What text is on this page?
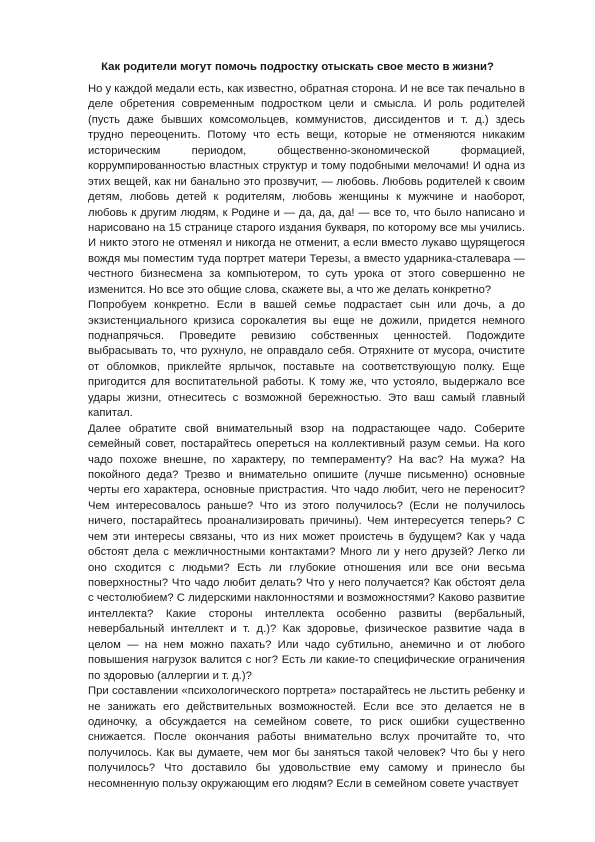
Как родители могут помочь подростку отыскать свое место в жизни?

Но у каждой медали есть, как известно, обратная сторона. И не все так печально в деле обретения современным подростком цели и смысла. И роль родителей (пусть даже бывших комсомольцев, коммунистов, диссидентов и т. д.) здесь трудно переоценить. Потому что есть вещи, которые не отменяются никаким историческим периодом, общественно-экономической формацией, коррумпированностью властных структур и тому подобными мелочами! И одна из этих вещей, как ни банально это прозвучит, — любовь. Любовь родителей к своим детям, любовь детей к родителям, любовь женщины к мужчине и наоборот, любовь к другим людям, к Родине и — да, да, да! — все то, что было написано и нарисовано на 15 странице старого издания букваря, по которому все мы учились. И никто этого не отменял и никогда не отменит, а если вместо лукаво щурящегося вождя мы поместим туда портрет матери Терезы, а вместо ударника-сталевара — честного бизнесмена за компьютером, то суть урока от этого совершенно не изменится. Но все это общие слова, скажете вы, а что же делать конкретно?

Попробуем конкретно. Если в вашей семье подрастает сын или дочь, а до экзистенциального кризиса сорокалетия вы еще не дожили, придется немного поднапрячься. Проведите ревизию собственных ценностей. Подождите выбрасывать то, что рухнуло, не оправдало себя. Отряхните от мусора, очистите от обломков, приклейте ярлычок, поставьте на соответствующую полку. Еще пригодится для воспитательной работы. К тому же, что устояло, выдержало все удары жизни, отнеситесь с возможной бережностью. Это ваш самый главный капитал.

Далее обратите свой внимательный взор на подрастающее чадо. Соберите семейный совет, постарайтесь опереться на коллективный разум семьи. На кого чадо похоже внешне, по характеру, по темпераменту? На вас? На мужа? На покойного деда? Трезво и внимательно опишите (лучше письменно) основные черты его характера, основные пристрастия. Что чадо любит, чего не переносит? Чем интересовалось раньше? Что из этого получилось? (Если не получилось ничего, постарайтесь проанализировать причины). Чем интересуется теперь? С чем эти интересы связаны, что из них может проистечь в будущем? Как у чада обстоят дела с межличностными контактами? Много ли у него друзей? Легко ли оно сходится с людьми? Есть ли глубокие отношения или все они весьма поверхностны? Что чадо любит делать? Что у него получается? Как обстоят дела с честолюбием? С лидерскими наклонностями и возможностями? Каково развитие интеллекта? Какие стороны интеллекта особенно развиты (вербальный, невербальный интеллект и т. д.)? Как здоровье, физическое развитие чада в целом — на нем можно пахать? Или чадо субтильно, анемично и от любого повышения нагрузок валится с ног? Есть ли какие-то специфические ограничения по здоровью (аллергии и т. д.)?

При составлении «психологического портрета» постарайтесь не льстить ребенку и не занижать его действительных возможностей. Если все это делается не в одиночку, а обсуждается на семейном совете, то риск ошибки существенно снижается. После окончания работы внимательно вслух прочитайте то, что получилось. Как вы думаете, чем мог бы заняться такой человек? Что бы у него получилось? Что доставило бы удовольствие ему самому и принесло бы несомненную пользу окружающим его людям? Если в семейном совете участвует
